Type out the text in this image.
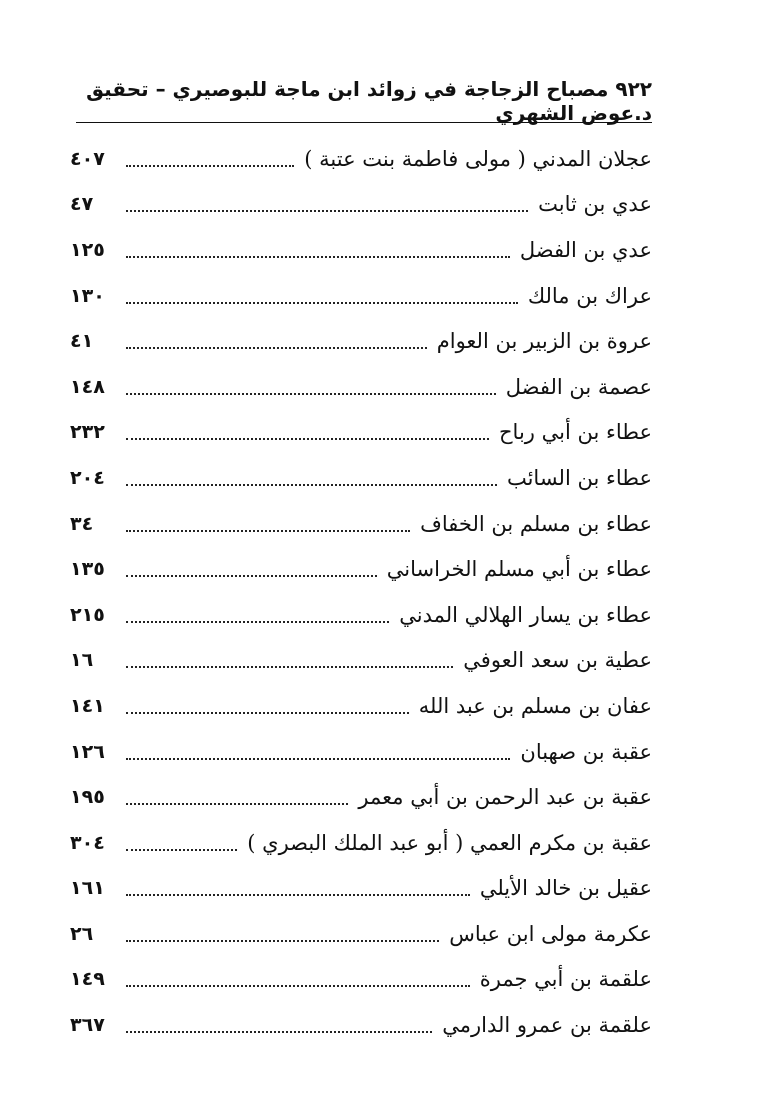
٩٢٢ مصباح الزجاجة في زوائد ابن ماجة للبوصيري – تحقيق د.عوض الشهري
عجلان المدني ( مولى فاطمة بنت عتبة )
٤٠٧
عدي بن ثابت
٤٧
عدي بن الفضل
١٢٥
عراك بن مالك
١٣٠
عروة بن الزبير بن العوام
٤١
عصمة بن الفضل
١٤٨
عطاء بن أبي رباح
٢٣٢
عطاء بن السائب
٢٠٤
عطاء بن مسلم بن الخفاف
٣٤
عطاء بن أبي مسلم الخراساني
١٣٥
عطاء بن يسار الهلالي المدني
٢١٥
عطية بن سعد العوفي
١٦
عفان بن مسلم بن عبد الله
١٤١
عقبة بن صهبان
١٢٦
عقبة بن عبد الرحمن بن أبي معمر
١٩٥
عقبة بن مكرم العمي ( أبو عبد الملك البصري )
٣٠٤
عقيل بن خالد الأيلي
١٦١
عكرمة مولى ابن عباس
٢٦
علقمة بن أبي جمرة
١٤٩
علقمة بن عمرو الدارمي
٣٦٧
